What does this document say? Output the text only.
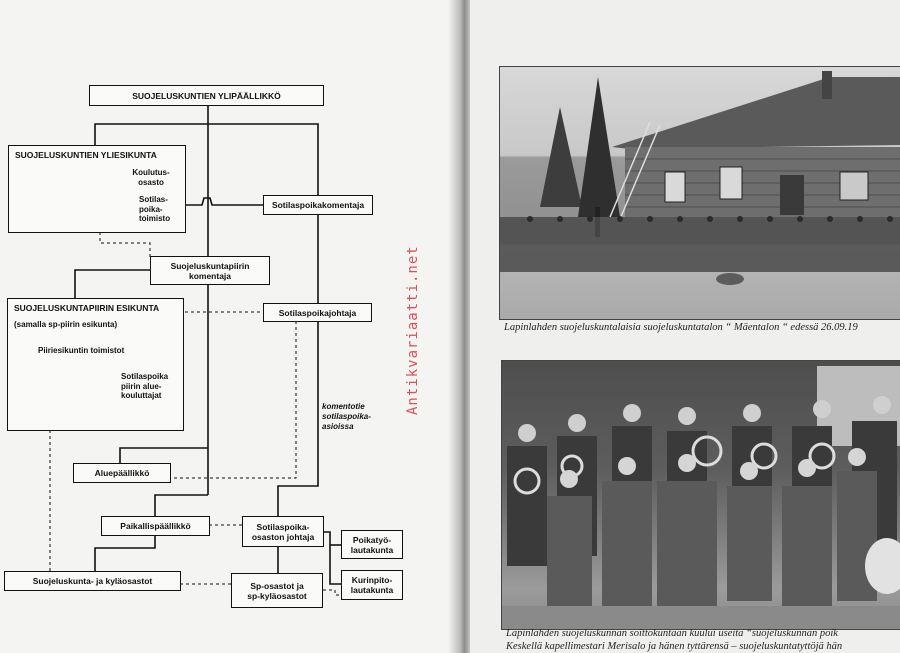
SUOJELUSKUNTIEN YLIPÄÄLLIKKÖ
SUOJELUSKUNTIEN YLIESIKUNTA
Koulutus-
osasto
Sotilas-
poika-
toimisto
Sotilaspoikakomentaja
Suojeluskuntapiirin
komentaja
SUOJELUSKUNTAPIIRIN ESIKUNTA
(samalla sp-piirin esikunta)
Piiriesikuntin toimistot
Sotilaspoika
piirin alue-
kouluttajat
Sotilaspoikajohtaja
komentotie
sotilaspoika-
asioissa
Aluepäällikkö
Paikallispäällikkö	Sotilaspoika-
osaston johtaja	Poikatyö-
lautakunta
Kurinpito-
lautakunta
Suojeluskunta- ja kyläosastot	Sp-osastot ja
sp-kyläosastot
Antikvariaatti.net	Lapinlahden suojeluskuntalaisia suojeluskuntatalon “ Mäentalon “ edessä 26.09.19
Lapinlahden suojeluskunnan soittokuntaan kuului useita “suojeluskunnan poik
Keskellä kapellimestari Merisalo ja hänen tyttärensä – suojeluskuntatyttöjä hän
